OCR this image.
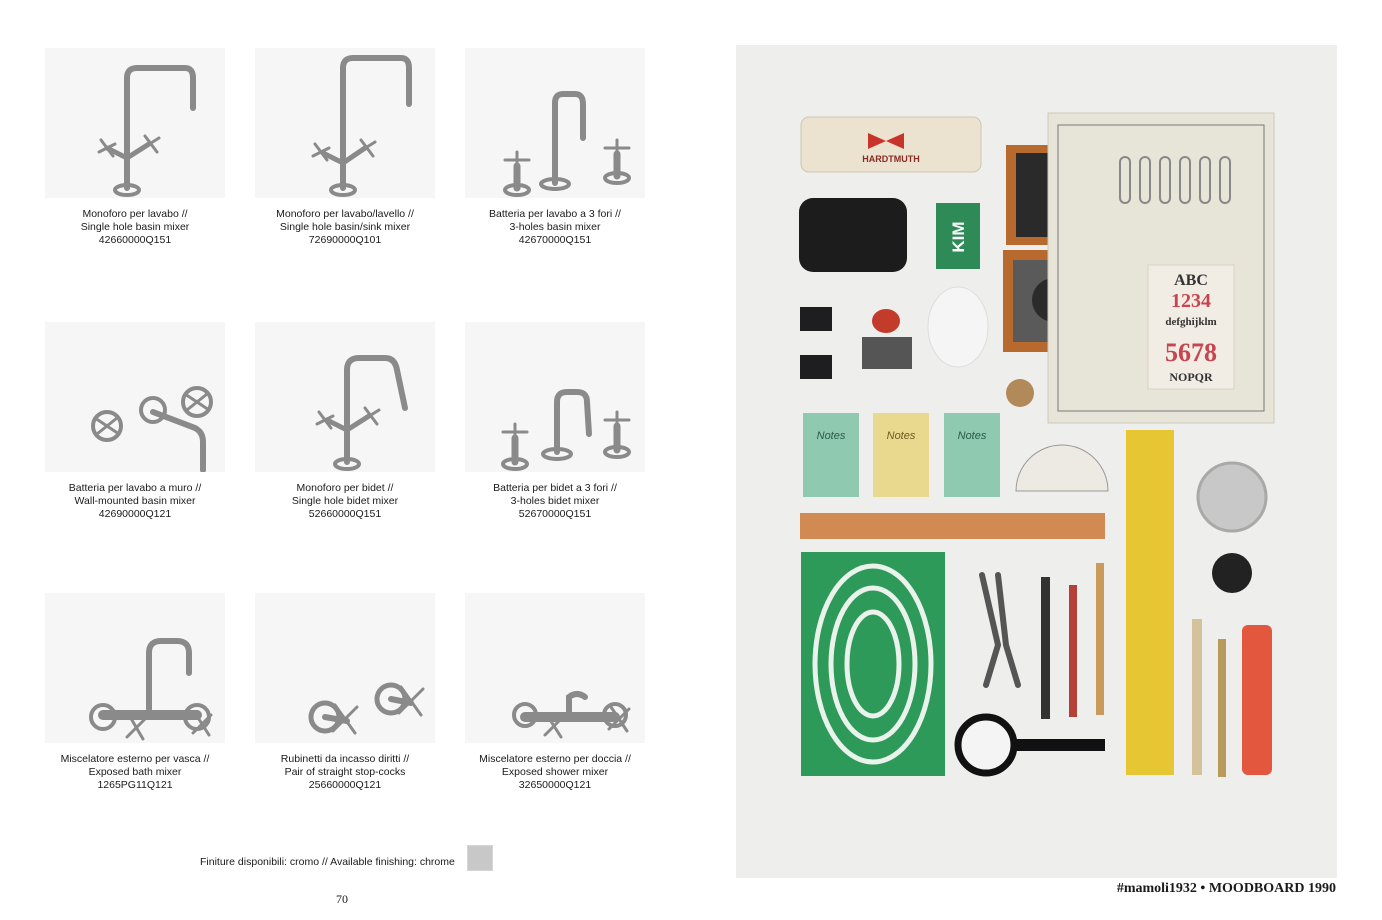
Monoforo per lavabo //
Single hole basin mixer
42660000Q151
Monoforo per lavabo/lavello //
Single hole basin/sink mixer
72690000Q101
Batteria per lavabo a 3 fori //
3-holes basin mixer
42670000Q151
Batteria per lavabo a muro //
Wall-mounted basin mixer
42690000Q121
Monoforo per bidet //
Single hole bidet mixer
52660000Q151
Batteria per bidet a 3 fori //
3-holes bidet mixer
52670000Q151
Miscelatore esterno per vasca //
Exposed bath mixer
1265PG11Q121
Rubinetti da incasso diritti //
Pair of straight stop-cocks
25660000Q121
Miscelatore esterno per doccia //
Exposed shower mixer
32650000Q121
Finiture disponibili: cromo // Available finishing: chrome
70
HARDTMUTH
KIM
ABC
1234
defghijklm
5678
NOPQR
Notes	Notes	Notes
#mamoli1932 • MOODBOARD 1990
